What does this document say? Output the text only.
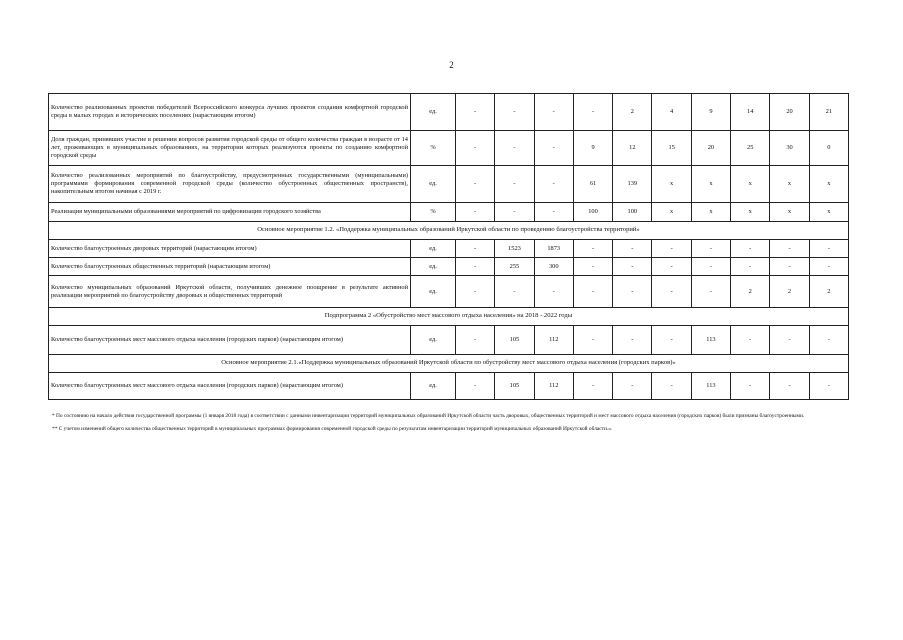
2
Количество реализованных проектов победителей Всероссийского конкурса лучших проектов создания комфортной городской среды в малых городах и исторических поселениях (нарастающим итогом)	ед.	-	-	-	-	2	4	9	14	20	21
Доля граждан, принявших участие в решении вопросов развития городской среды от общего количества граждан в возрасте от 14 лет, проживающих в муниципальных образованиях, на территории которых реализуются проекты по созданию комфортной городской среды	%	-	-	-	9	12	15	20	25	30	0
Количество реализованных мероприятий по благоустройству, предусмотренных государственными (муниципальными) программами формирования современной городской среды (количество обустроенных общественных пространств), накопительным итогом начиная с 2019 г.	ед.	-	-	-	61	139	х	х	х	х	х
Реализация муниципальными образованиями мероприятий по цифровизации городского хозяйства	%	-	-	-	100	100	х	х	х	х	х
Основное мероприятие 1.2. «Поддержка муниципальных образований Иркутской области по проведению благоустройства территорий»											
Количество благоустроенных дворовых территорий (нарастающим итогом)	ед.	-	1523	1873	-	-	-	-	-	-	-
Количество благоустроенных общественных территорий (нарастающим итогом)	ед.	-	255	300	-	-	-	-	-	-	-
Количество муниципальных образований Иркутской области, получивших денежное поощрение в результате активной реализации мероприятий по благоустройству дворовых и общественных территорий	ед.	-	-	-	-	-	-	-	2	2	2
Подпрограмма 2 «Обустройство мест массового отдыха населения» на 2018 - 2022 годы											
Количество благоустроенных мест массового отдыха населения (городских парков) (нарастающим итогом)	ед.	-	105	112	-	-	-	113	-	-	-
Основное мероприятие 2.1.«Поддержка муниципальных образований Иркутской области по обустройству мест массового отдыха населения (городских парков)»											
Количество благоустроенных мест массового отдыха населения (городских парков) (нарастающим итогом)	ед.	-	105	112	-	-	-	113	-	-	-

* По состоянию на начало действия государственной программы (1 января 2018 года) в соответствии с данными инвентаризации территорий муниципальных образований Иркутской области часть дворовых, общественных территорий и мест массового отдыха населения (городских парков) были признаны благоустроенными.

** С учетом изменений общего количества общественных территорий в муниципальных программах формирования современной городской среды по результатам инвентаризации территорий муниципальных образований Иркутской области.».
